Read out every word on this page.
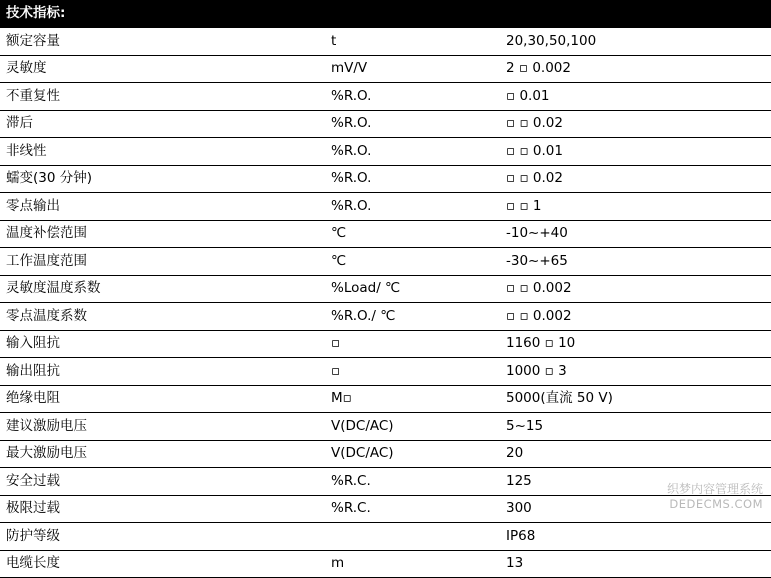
技术指标:		
额定容量	t	20,30,50,100
灵敏度	mV/V	2 ▫ 0.002
不重复性	%R.O.	▫ 0.01
滞后	%R.O.	▫ ▫ 0.02
非线性	%R.O.	▫ ▫ 0.01
蠕变(30 分钟)	%R.O.	▫ ▫ 0.02
零点输出	%R.O.	▫ ▫ 1
温度补偿范围	℃	-10~+40
工作温度范围	℃	-30~+65
灵敏度温度系数	%Load/ ℃	▫ ▫ 0.002
零点温度系数	%R.O./ ℃	▫ ▫ 0.002
输入阻抗	▫	1160 ▫ 10
输出阻抗	▫	1000 ▫ 3
绝缘电阻	M▫	5000(直流 50 V)
建议激励电压	V(DC/AC)	5~15
最大激励电压	V(DC/AC)	20
安全过载	%R.C.	125
极限过载	%R.C.	300
防护等级		IP68
电缆长度	m	13
织梦内容管理系统
DEDECMS.COM
